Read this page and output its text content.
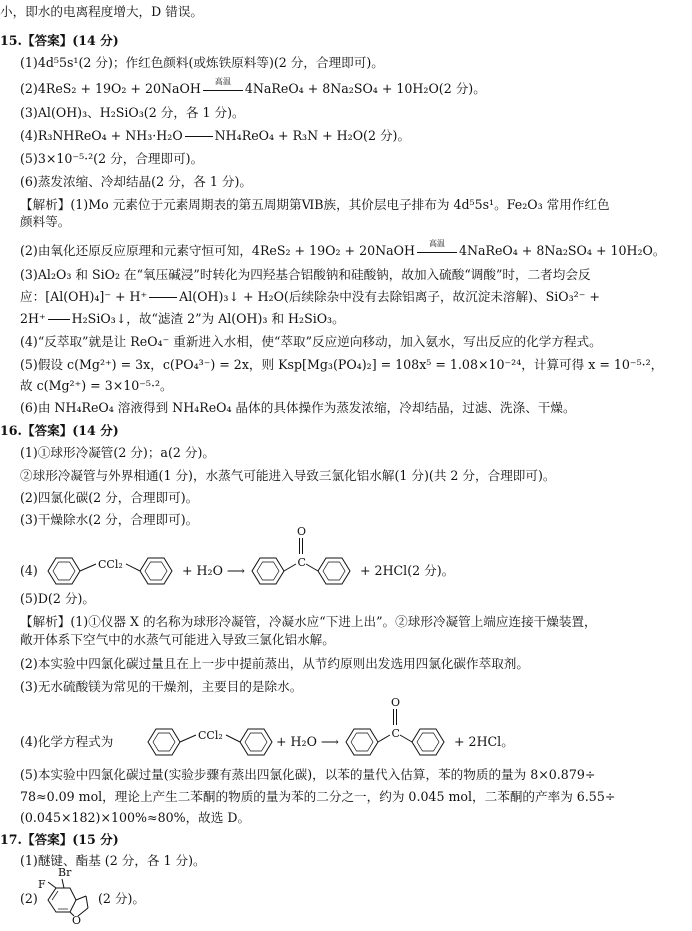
小，即水的电离程度增大，D 错误。
15.【答案】(14 分)
(1)4d⁵5s¹(2 分)；作红色颜料(或炼铁原料等)(2 分，合理即可)。
(2)4ReS₂ + 19O₂ + 20NaOH	高温	4NaReO₄ + 8Na₂SO₄ + 10H₂O(2 分)。
(3)Al(OH)₃、H₂SiO₃(2 分，各 1 分)。
(4)R₃NHReO₄ + NH₃·H₂O	NH₄ReO₄ + R₃N + H₂O(2 分)。
(5)3×10⁻⁵·²(2 分，合理即可)。
(6)蒸发浓缩、冷却结晶(2 分，各 1 分)。
【解析】(1)Mo 元素位于元素周期表的第五周期第ⅥB族，其价层电子排布为 4d⁵5s¹。Fe₂O₃ 常用作红色
颜料等。
(2)由氧化还原反应原理和元素守恒可知，4ReS₂ + 19O₂ + 20NaOH	高温	4NaReO₄ + 8Na₂SO₄ + 10H₂O。
(3)Al₂O₃ 和 SiO₂ 在“氧压碱浸”时转化为四羟基合铝酸钠和硅酸钠，故加入硫酸“调酸”时，二者均会反
应：[Al(OH)₄]⁻ + H⁺	Al(OH)₃↓ + H₂O(后续除杂中没有去除铝离子，故沉淀未溶解)、SiO₃²⁻ +
2H⁺ H₂SiO₃↓，故“滤渣 2”为 Al(OH)₃ 和 H₂SiO₃。
(4)“反萃取”就是让 ReO₄⁻ 重新进入水相，使“萃取”反应逆向移动，加入氨水，写出反应的化学方程式。
(5)假设 c(Mg²⁺) = 3x，c(PO₄³⁻) = 2x，则 Ksp[Mg₃(PO₄)₂] = 108x⁵ = 1.08×10⁻²⁴，计算可得 x = 10⁻⁵·²，
故 c(Mg²⁺) = 3×10⁻⁵·²。
(6)由 NH₄ReO₄ 溶液得到 NH₄ReO₄ 晶体的具体操作为蒸发浓缩，冷却结晶，过滤、洗涤、干燥。
16.【答案】(14 分)
(1)①球形冷凝管(2 分)；a(2 分)。
②球形冷凝管与外界相通(1 分)，水蒸气可能进入导致三氯化铝水解(1 分)(共 2 分，合理即可)。
(2)四氯化碳(2 分，合理即可)。
(3)干燥除水(2 分，合理即可)。
(4)	CCl₂	+ H₂O ⟶
O
C
+ 2HCl(2 分)。
(5)D(2 分)。
【解析】(1)①仪器 X 的名称为球形冷凝管，冷凝水应“下进上出”。②球形冷凝管上端应连接干燥装置，
敞开体系下空气中的水蒸气可能进入导致三氯化铝水解。
(2)本实验中四氯化碳过量且在上一步中提前蒸出，从节约原则出发选用四氯化碳作萃取剂。
(3)无水硫酸镁为常见的干燥剂，主要目的是除水。
(4)化学方程式为	CCl₂	+ H₂O ⟶
O
C
+ 2HCl。
(5)本实验中四氯化碳过量(实验步骤有蒸出四氯化碳)，以苯的量代入估算，苯的物质的量为 8×0.879÷
78≈0.09 mol，理论上产生二苯酮的物质的量为苯的二分之一，约为 0.045 mol，二苯酮的产率为 6.55÷
(0.045×182)×100%≈80%，故选 D。
17.【答案】(15 分)
(1)醚键、酯基 (2 分，各 1 分)。
(2)
F
Br
O
(2 分)。
